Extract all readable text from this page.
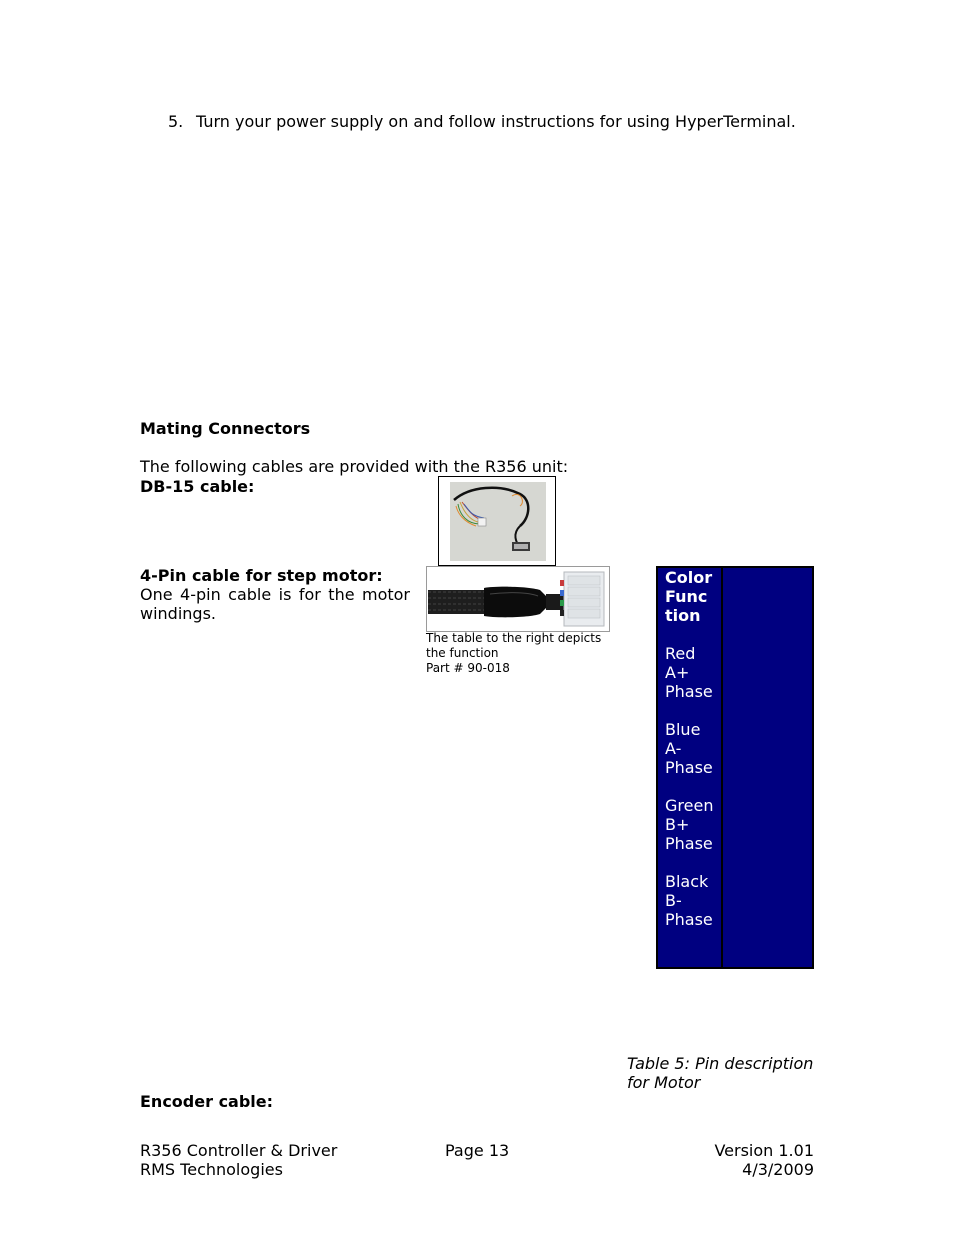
5. Turn your power supply on and follow instructions for using HyperTerminal.
Mating Connectors
The following cables are provided with the R356 unit:
DB-15 cable:
4-Pin cable for step motor:
One 4-pin cable is for the motor windings.
The table to the right depicts
the function
Part # 90-018
Color
Func
tion
Red
A+
Phase
Blue
A-
Phase
Green
B+
Phase
Black
B-
Phase
Table 5: Pin description
for Motor
Encoder cable:
R356 Controller & Driver
RMS Technologies
Page 13	Version 1.01
4/3/2009
